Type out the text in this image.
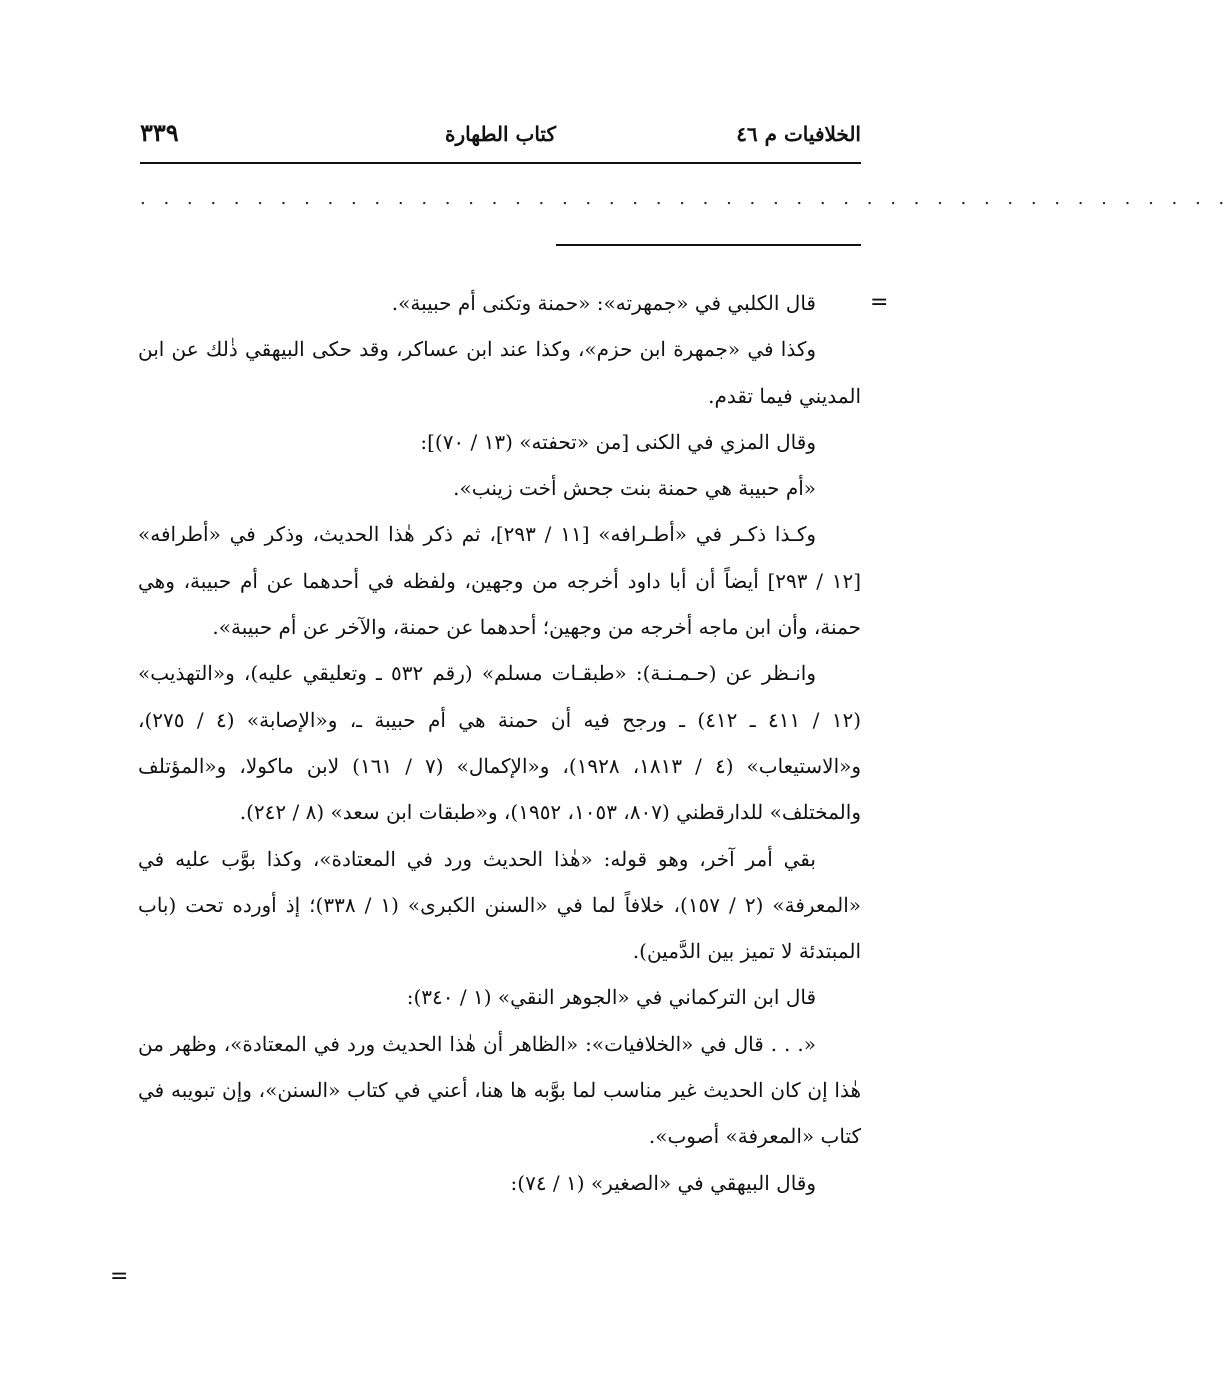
الخلافيات م ٤٦
كتاب الطهارة
٣٣٩
. . . . . . . . . . . . . . . . . . . . . . . . . . . . . . . . . . . . . . . . . . . . . . .
=

قال الكلبي في «جمهرته»: «حمنة وتكنى أم حبيبة».

وكذا في «جمهرة ابن حزم»، وكذا عند ابن عساكر، وقد حكى البيهقي ذٰلك عن ابن المديني فيما تقدم.

وقال المزي في الكنى [من «تحفته» (١٣ / ٧٠)]:

«أم حبيبة هي حمنة بنت جحش أخت زينب».

وكـذا ذكـر في «أطـرافه» [١١ / ٢٩٣]، ثم ذكر هٰذا الحديث، وذكر في «أطرافه» [١٢ / ٢٩٣] أيضاً أن أبا داود أخرجه من وجهين، ولفظه في أحدهما عن أم حبيبة، وهي حمنة، وأن ابن ماجه أخرجه من وجهين؛ أحدهما عن حمنة، والآخر عن أم حبيبة».

وانـظر عن (حـمـنـة): «طبقـات مسلم» (رقم ٥٣٢ ـ وتعليقي عليه)، و«التهذيب» (١٢ / ٤١١ ـ ٤١٢) ـ ورجح فيه أن حمنة هي أم حبيبة ـ، و«الإصابة» (٤ / ٢٧٥)، و«الاستيعاب» (٤ / ١٨١٣، ١٩٢٨)، و«الإكمال» (٧ / ١٦١) لابن ماكولا، و«المؤتلف والمختلف» للدارقطني (٨٠٧، ١٠٥٣، ١٩٥٢)، و«طبقات ابن سعد» (٨ / ٢٤٢).

بقي أمر آخر، وهو قوله: «هٰذا الحديث ورد في المعتادة»، وكذا بوَّب عليه في «المعرفة» (٢ / ١٥٧)، خلافاً لما في «السنن الكبرى» (١ / ٣٣٨)؛ إذ أورده تحت (باب المبتدئة لا تميز بين الدَّمين).

قال ابن التركماني في «الجوهر النقي» (١ / ٣٤٠):

«. . . قال في «الخلافيات»: «الظاهر أن هٰذا الحديث ورد في المعتادة»، وظهر من هٰذا إن كان الحديث غير مناسب لما بوَّبه ها هنا، أعني في كتاب «السنن»، وإن تبويبه في كتاب «المعرفة» أصوب».

وقال البيهقي في «الصغير» (١ / ٧٤):

=
